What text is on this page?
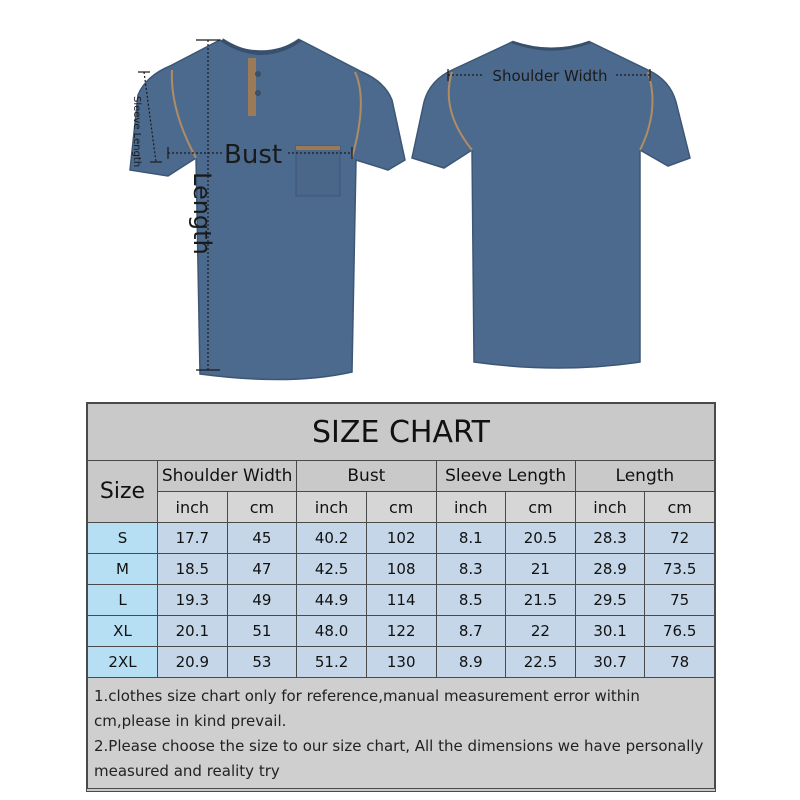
Shoulder Width
Bust
Length
Sleeve Length
SIZE CHART								
Size	Shoulder Width		Bust		Sleeve Length		Length	
	inch	cm	inch	cm	inch	cm	inch	cm
S	17.7	45	40.2	102	8.1	20.5	28.3	72
M	18.5	47	42.5	108	8.3	21	28.9	73.5
L	19.3	49	44.9	114	8.5	21.5	29.5	75
XL	20.1	51	48.0	122	8.7	22	30.1	76.5
2XL	20.9	53	51.2	130	8.9	22.5	30.7	78

1.clothes size chart only for reference,manual measurement error within cm,please in kind prevail.
2.Please choose the size to our size chart, All the dimensions we have personally measured and reality try								
